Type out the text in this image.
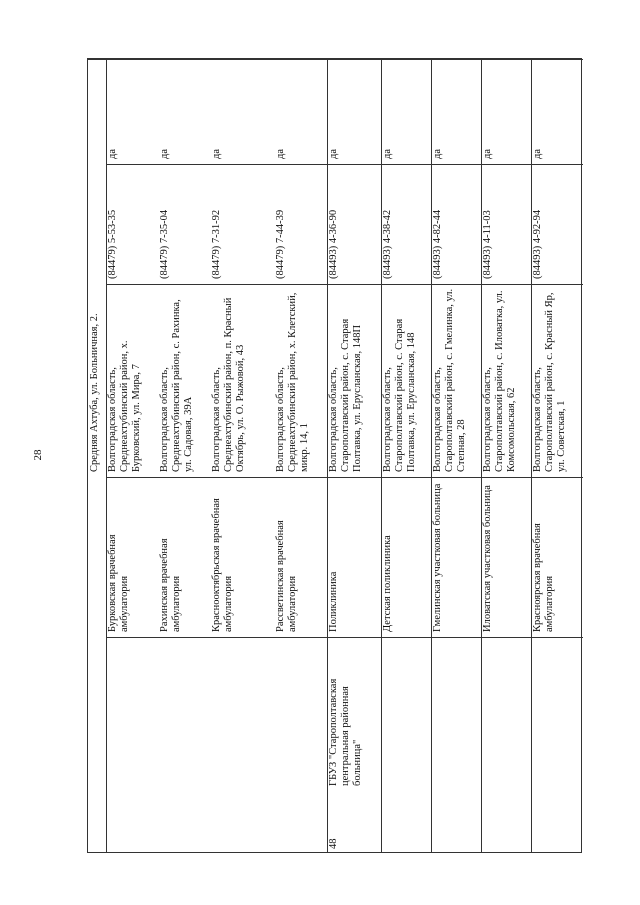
28	Средняя Ахтуба, ул. Больничная, 2.
Бурковская врачебная амбулатория
Волгоградская область, Среднеахтубинский район, х. Бурковский, ул. Мира, 7
(84479) 5-53-35
да
Рахинская врачебная амбулатория
Волгоградская область, Среднеахтубинский район, с. Рахинка, ул. Садовая, 39А
(84479) 7-35-04
да
Краснооктябрьская врачебная амбулатория
Волгоградская область, Среднеахтубинский район, п. Красный Октябрь, ул. О. Рыжовой, 43
(84479) 7-31-92
да
Рассветинская врачебная амбулатория
Волгоградская область, Среднеахтубинский район, х. Клетский, микр. 14, 1
(84479) 7-44-39
да
Поликлиника
Волгоградская область, Старополтавский район, с. Старая Полтавка, ул. Ерусланская, 148П
(84493) 4-36-90
да
48
ГБУЗ "Старополтавская центральная районная больница"
Детская поликлиника
Волгоградская область, Старополтавский район, с. Старая Полтавка, ул. Ерусланская, 148
(84493) 4-38-42
да
Гмелинская участковая больница
Волгоградская область, Старополтавский район, с. Гмелинка, ул. Степная, 28
(84493) 4-82-44
да
Иловатская участковая больница
Волгоградская область, Старополтавский район, с. Иловатка, ул. Комсомольская, 62
(84493) 4-11-03
да
Красноярская врачебная амбулатория
Волгоградская область, Старополтавский район, с. Красный Яр, ул. Советская, 1
(84493) 4-92-94
да
